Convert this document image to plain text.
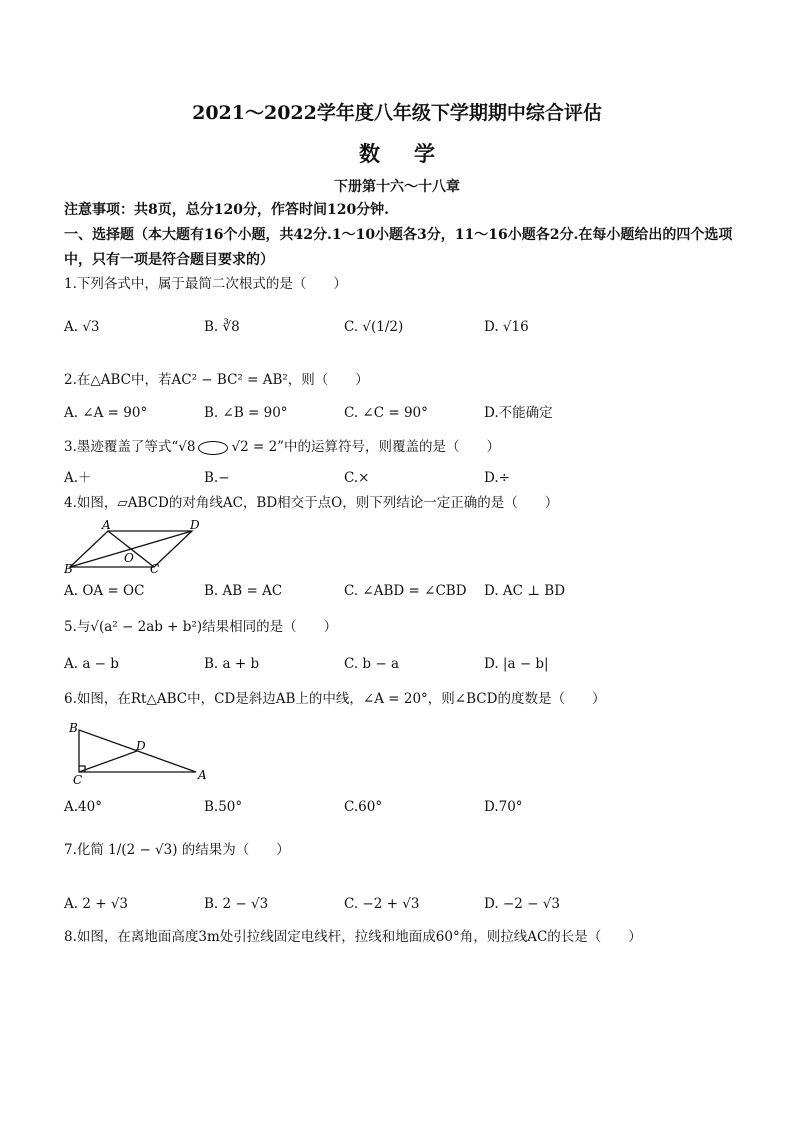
2021～2022学年度八年级下学期期中综合评估
数学
下册第十六～十八章
注意事项：共8页，总分120分，作答时间120分钟.
一、选择题（本大题有16个小题，共42分.1～10小题各3分，11～16小题各2分.在每小题给出的四个选项中，只有一项是符合题目要求的）
1.下列各式中，属于最简二次根式的是（　　）
A. √3	B. ∛8	C. √(1/2)	D. √16
2.在△ABC中，若AC² − BC² = AB²，则（　　）
A. ∠A = 90°	B. ∠B = 90°	C. ∠C = 90°	D.不能确定
3.墨迹覆盖了等式“√8	√2 = 2”中的运算符号，则覆盖的是（　　）
A.＋	B.−	C.×	D.÷
4.如图，▱ABCD的对角线AC，BD相交于点O，则下列结论一定正确的是（　　）
A	D
O
B	C
A. OA = OC	B. AB = AC	C. ∠ABD = ∠CBD D. AC ⊥ BD
5.与√(a² − 2ab + b²)结果相同的是（　　）
A. a − b	B. a + b	C. b − a	D. |a − b|
6.如图，在Rt△ABC中，CD是斜边AB上的中线，∠A = 20°，则∠BCD的度数是（　　）
B
D
C	A
A.40°	B.50°	C.60°	D.70°
7.化简 1/(2 − √3) 的结果为（　　）
A. 2 + √3	B. 2 − √3	C. −2 + √3	D. −2 − √3
8.如图，在离地面高度3m处引拉线固定电线杆，拉线和地面成60°角，则拉线AC的长是（　　）
